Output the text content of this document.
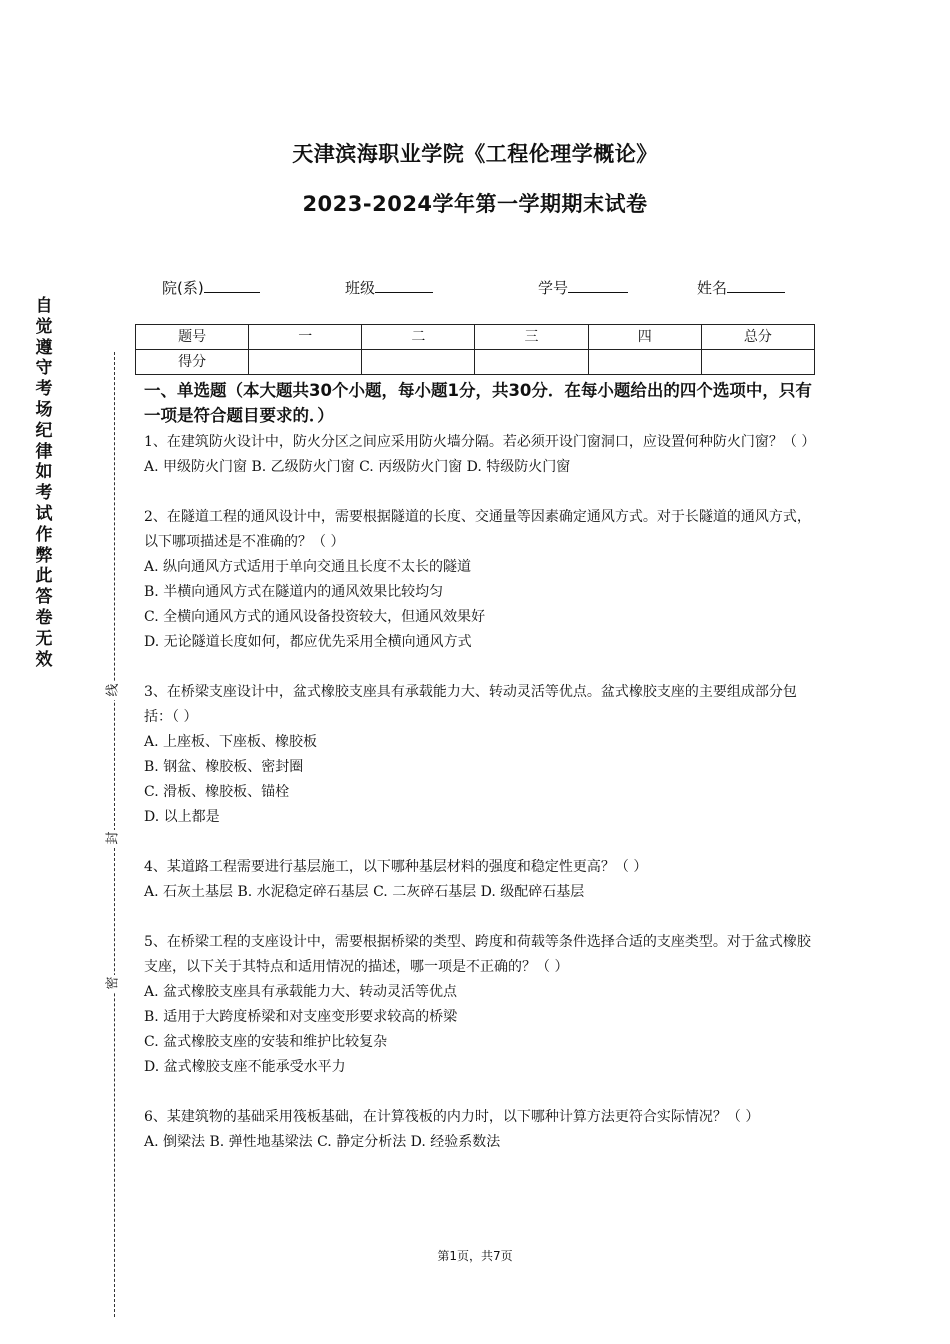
天津滨海职业学院《工程伦理学概论》
2023-2024学年第一学期期末试卷
院(系)	班级	学号	姓名
题号	一	二	三	四	总分
得分					
自觉遵守考场纪律如考试作弊此答卷无效
线
封
密

一、单选题（本大题共30个小题，每小题1分，共30分．在每小题给出的四个选项中，只有一项是符合题目要求的．）

1、在建筑防火设计中，防火分区之间应采用防火墙分隔。若必须开设门窗洞口，应设置何种防火门窗？（ ）

A. 甲级防火门窗 B. 乙级防火门窗 C. 丙级防火门窗 D. 特级防火门窗

2、在隧道工程的通风设计中，需要根据隧道的长度、交通量等因素确定通风方式。对于长隧道的通风方式，以下哪项描述是不准确的？（ ）

A. 纵向通风方式适用于单向交通且长度不太长的隧道

B. 半横向通风方式在隧道内的通风效果比较均匀

C. 全横向通风方式的通风设备投资较大，但通风效果好

D. 无论隧道长度如何，都应优先采用全横向通风方式

3、在桥梁支座设计中，盆式橡胶支座具有承载能力大、转动灵活等优点。盆式橡胶支座的主要组成部分包括：（ ）

A. 上座板、下座板、橡胶板

B. 钢盆、橡胶板、密封圈

C. 滑板、橡胶板、锚栓

D. 以上都是

4、某道路工程需要进行基层施工，以下哪种基层材料的强度和稳定性更高？（ ）

A. 石灰土基层 B. 水泥稳定碎石基层 C. 二灰碎石基层 D. 级配碎石基层

5、在桥梁工程的支座设计中，需要根据桥梁的类型、跨度和荷载等条件选择合适的支座类型。对于盆式橡胶支座，以下关于其特点和适用情况的描述，哪一项是不正确的？（ ）

A. 盆式橡胶支座具有承载能力大、转动灵活等优点

B. 适用于大跨度桥梁和对支座变形要求较高的桥梁

C. 盆式橡胶支座的安装和维护比较复杂

D. 盆式橡胶支座不能承受水平力

6、某建筑物的基础采用筏板基础，在计算筏板的内力时，以下哪种计算方法更符合实际情况？（ ）

A. 倒梁法 B. 弹性地基梁法 C. 静定分析法 D. 经验系数法

第1页，共7页
